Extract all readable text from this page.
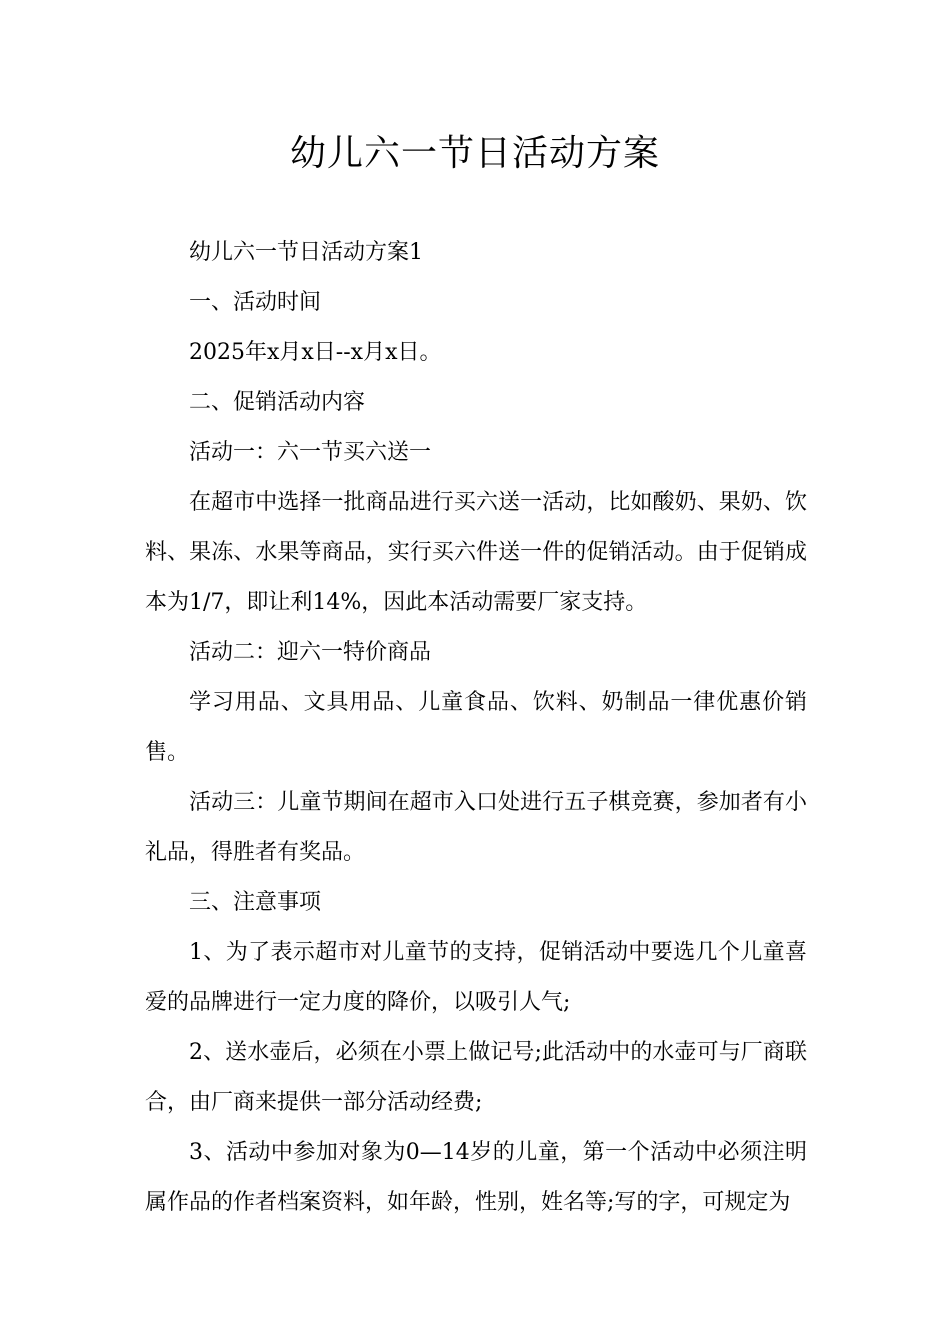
幼儿六一节日活动方案

幼儿六一节日活动方案1

一、活动时间

2025年x月x日--x月x日。

二、促销活动内容

活动一：六一节买六送一

在超市中选择一批商品进行买六送一活动，比如酸奶、果奶、饮料、果冻、水果等商品，实行买六件送一件的促销活动。由于促销成本为1/7，即让利14%，因此本活动需要厂家支持。

活动二：迎六一特价商品

学习用品、文具用品、儿童食品、饮料、奶制品一律优惠价销售。

活动三：儿童节期间在超市入口处进行五子棋竞赛，参加者有小礼品，得胜者有奖品。

三、注意事项

1、为了表示超市对儿童节的支持，促销活动中要选几个儿童喜爱的品牌进行一定力度的降价，以吸引人气;

2、送水壶后，必须在小票上做记号;此活动中的水壶可与厂商联合，由厂商来提供一部分活动经费;

3、活动中参加对象为0—14岁的儿童，第一个活动中必须注明属作品的作者档案资料，如年龄，性别，姓名等;写的字，可规定为
